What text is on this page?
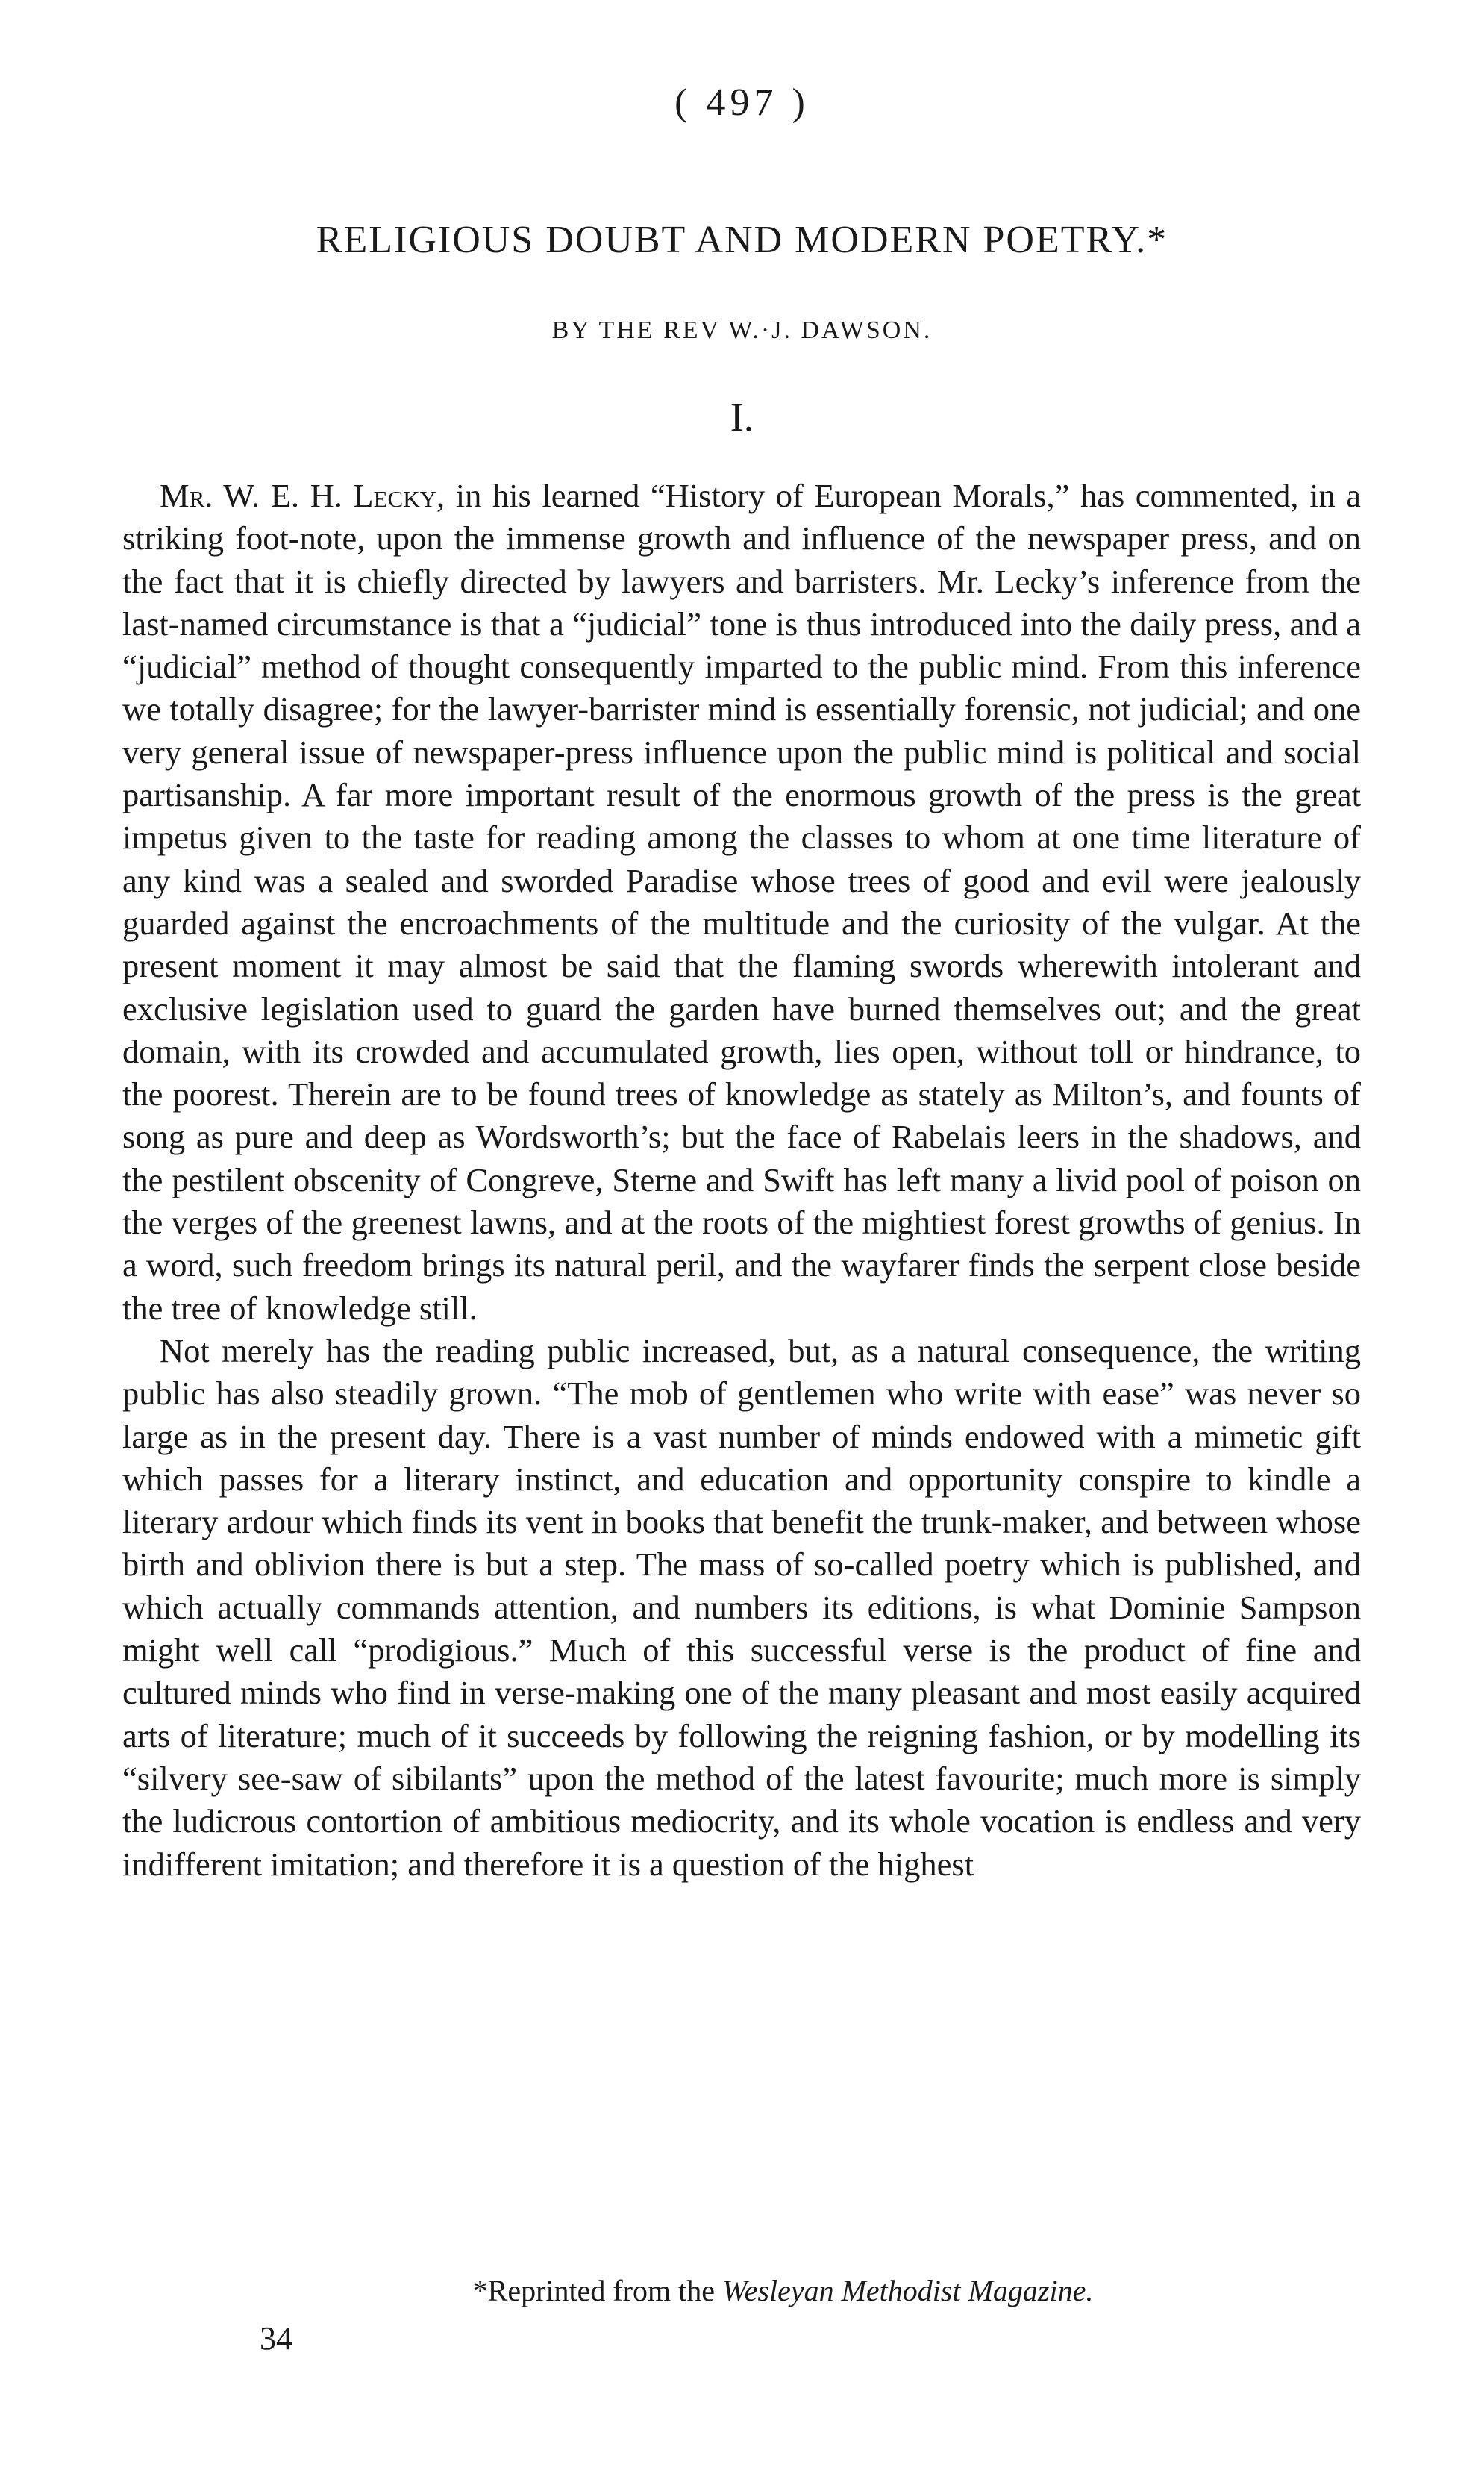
( 497 )
RELIGIOUS DOUBT AND MODERN POETRY.*
BY THE REV W.·J. DAWSON.
I.

Mr. W. E. H. Lecky, in his learned “History of European Morals,” has commented, in a striking foot-note, upon the immense growth and influence of the newspaper press, and on the fact that it is chiefly directed by lawyers and barristers. Mr. Lecky’s inference from the last-named circumstance is that a “judicial” tone is thus introduced into the daily press, and a “judicial” method of thought consequently imparted to the public mind. From this inference we totally disagree; for the lawyer-barrister mind is essentially forensic, not judicial; and one very general issue of newspaper-press influence upon the public mind is political and social partisanship. A far more important result of the enormous growth of the press is the great impetus given to the taste for reading among the classes to whom at one time literature of any kind was a sealed and sworded Paradise whose trees of good and evil were jealously guarded against the encroachments of the multitude and the curiosity of the vulgar. At the present moment it may almost be said that the flaming swords wherewith intolerant and exclusive legislation used to guard the garden have burned themselves out; and the great domain, with its crowded and accumulated growth, lies open, without toll or hindrance, to the poorest. Therein are to be found trees of knowledge as stately as Milton’s, and founts of song as pure and deep as Wordsworth’s; but the face of Rabelais leers in the shadows, and the pestilent obscenity of Congreve, Sterne and Swift has left many a livid pool of poison on the verges of the greenest lawns, and at the roots of the mightiest forest growths of genius. In a word, such freedom brings its natural peril, and the wayfarer finds the serpent close beside the tree of knowledge still.

Not merely has the reading public increased, but, as a natural consequence, the writing public has also steadily grown. “The mob of gentlemen who write with ease” was never so large as in the present day. There is a vast number of minds endowed with a mimetic gift which passes for a literary instinct, and education and opportunity conspire to kindle a literary ardour which finds its vent in books that benefit the trunk-maker, and between whose birth and oblivion there is but a step. The mass of so-called poetry which is published, and which actually commands attention, and numbers its editions, is what Dominie Sampson might well call “prodigious.” Much of this successful verse is the product of fine and cultured minds who find in verse-making one of the many pleasant and most easily acquired arts of literature; much of it succeeds by following the reigning fashion, or by modelling its “silvery see-saw of sibilants” upon the method of the latest favourite; much more is simply the ludicrous contortion of ambitious mediocrity, and its whole vocation is endless and very indifferent imitation; and therefore it is a question of the highest

*Reprinted from the Wesleyan Methodist Magazine.
34
